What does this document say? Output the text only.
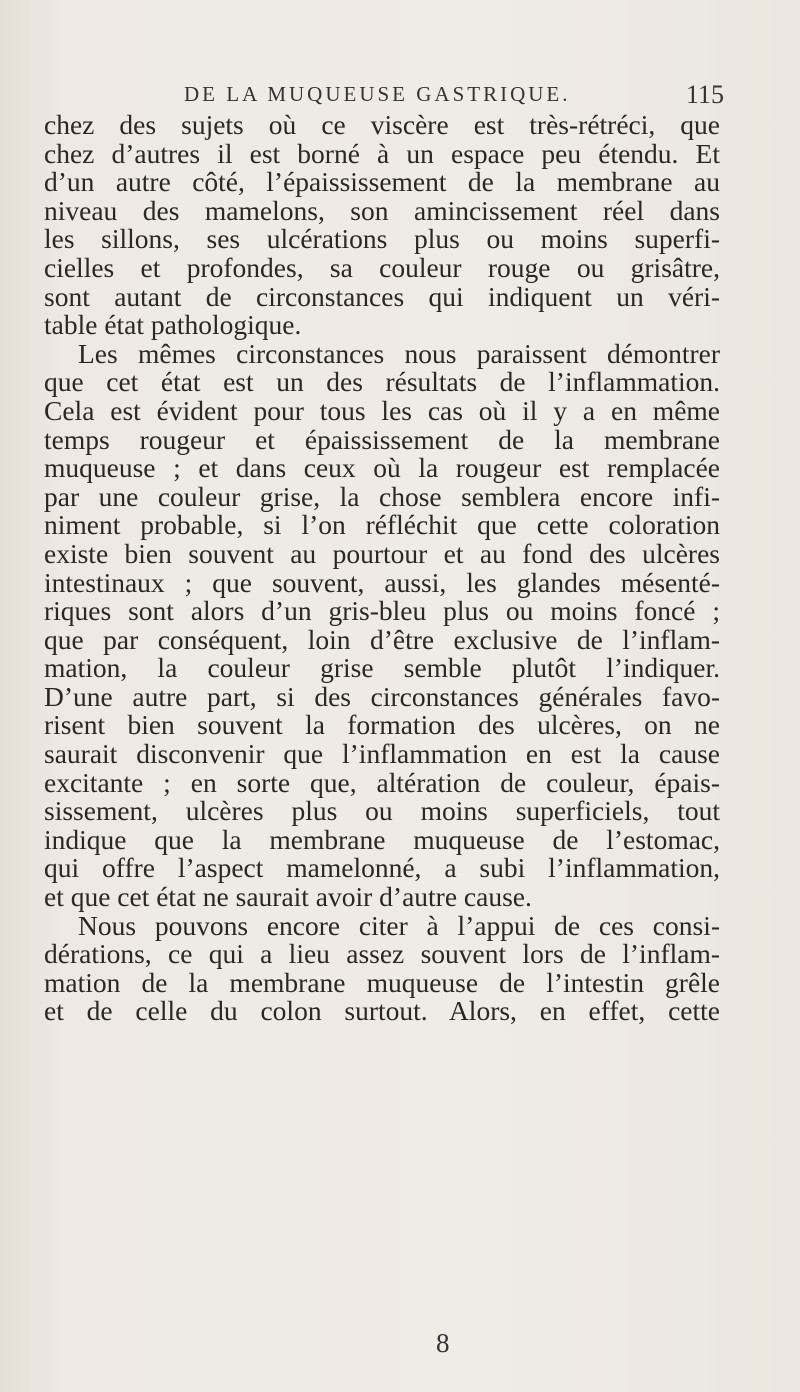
DE LA MUQUEUSE GASTRIQUE.	115
chez des sujets où ce viscère est très-rétréci, que
chez d’autres il est borné à un espace peu étendu. Et
d’un autre côté, l’épaississement de la membrane au
niveau des mamelons, son amincissement réel dans
les sillons, ses ulcérations plus ou moins superfi-
cielles et profondes, sa couleur rouge ou grisâtre,
sont autant de circonstances qui indiquent un véri-
table état pathologique.
Les mêmes circonstances nous paraissent démontrer
que cet état est un des résultats de l’inflammation.
Cela est évident pour tous les cas où il y a en même
temps rougeur et épaississement de la membrane
muqueuse ; et dans ceux où la rougeur est remplacée
par une couleur grise, la chose semblera encore infi-
niment probable, si l’on réfléchit que cette coloration
existe bien souvent au pourtour et au fond des ulcères
intestinaux ; que souvent, aussi, les glandes mésenté-
riques sont alors d’un gris-bleu plus ou moins foncé ;
que par conséquent, loin d’être exclusive de l’inflam-
mation, la couleur grise semble plutôt l’indiquer.
D’une autre part, si des circonstances générales favo-
risent bien souvent la formation des ulcères, on ne
saurait disconvenir que l’inflammation en est la cause
excitante ; en sorte que, altération de couleur, épais-
sissement, ulcères plus ou moins superficiels, tout
indique que la membrane muqueuse de l’estomac,
qui offre l’aspect mamelonné, a subi l’inflammation,
et que cet état ne saurait avoir d’autre cause.
Nous pouvons encore citer à l’appui de ces consi-
dérations, ce qui a lieu assez souvent lors de l’inflam-
mation de la membrane muqueuse de l’intestin grêle
et de celle du colon surtout. Alors, en effet, cette
8
